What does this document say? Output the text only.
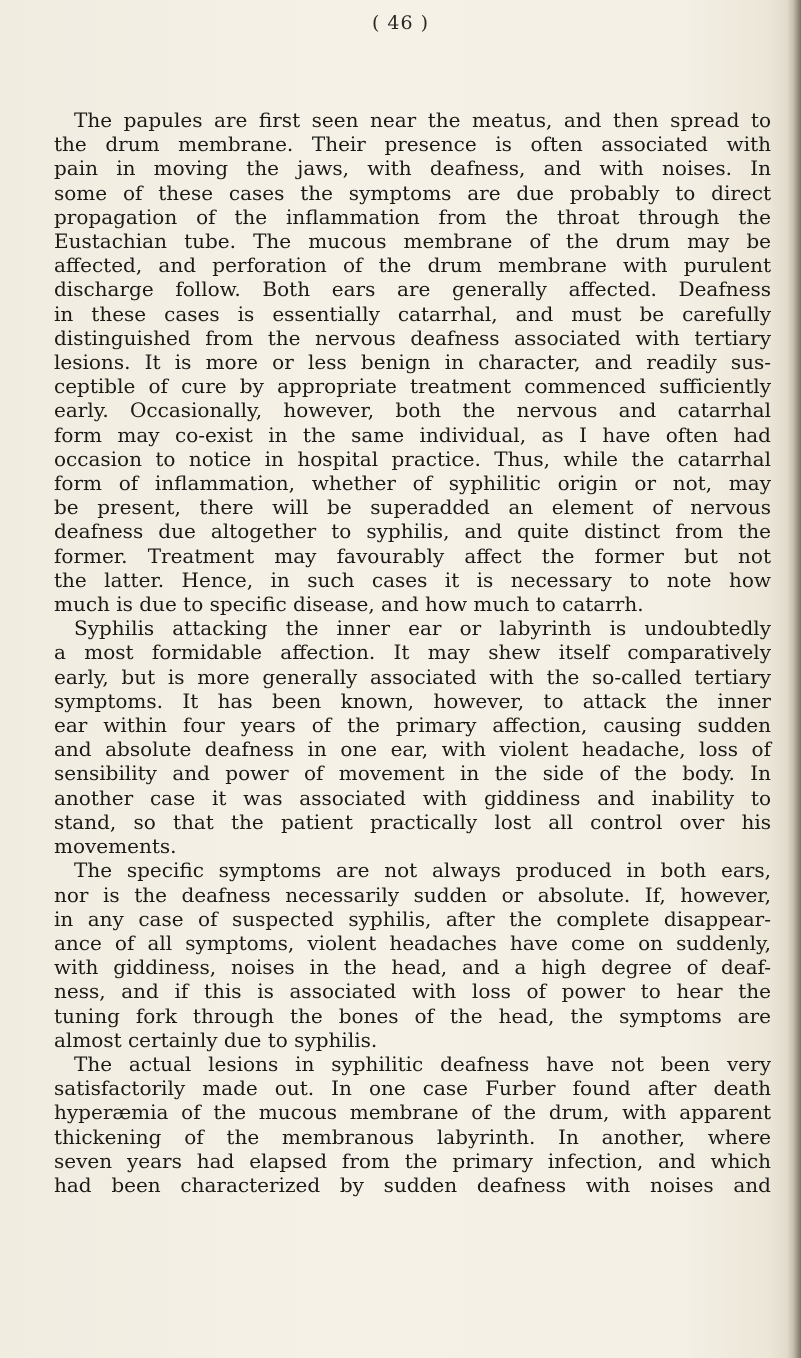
( 46 )
The papules are first seen near the meatus, and then spread to
the drum membrane. Their presence is often associated with
pain in moving the jaws, with deafness, and with noises. In
some of these cases the symptoms are due probably to direct
propagation of the inflammation from the throat through the
Eustachian tube. The mucous membrane of the drum may be
affected, and perforation of the drum membrane with purulent
discharge follow. Both ears are generally affected. Deafness
in these cases is essentially catarrhal, and must be carefully
distinguished from the nervous deafness associated with tertiary
lesions. It is more or less benign in character, and readily sus-
ceptible of cure by appropriate treatment commenced sufficiently
early. Occasionally, however, both the nervous and catarrhal
form may co-exist in the same individual, as I have often had
occasion to notice in hospital practice. Thus, while the catarrhal
form of inflammation, whether of syphilitic origin or not, may
be present, there will be superadded an element of nervous
deafness due altogether to syphilis, and quite distinct from the
former. Treatment may favourably affect the former but not
the latter. Hence, in such cases it is necessary to note how
much is due to specific disease, and how much to catarrh.
Syphilis attacking the inner ear or labyrinth is undoubtedly
a most formidable affection. It may shew itself comparatively
early, but is more generally associated with the so-called tertiary
symptoms. It has been known, however, to attack the inner
ear within four years of the primary affection, causing sudden
and absolute deafness in one ear, with violent headache, loss of
sensibility and power of movement in the side of the body. In
another case it was associated with giddiness and inability to
stand, so that the patient practically lost all control over his
movements.
The specific symptoms are not always produced in both ears,
nor is the deafness necessarily sudden or absolute. If, however,
in any case of suspected syphilis, after the complete disappear-
ance of all symptoms, violent headaches have come on suddenly,
with giddiness, noises in the head, and a high degree of deaf-
ness, and if this is associated with loss of power to hear the
tuning fork through the bones of the head, the symptoms are
almost certainly due to syphilis.
The actual lesions in syphilitic deafness have not been very
satisfactorily made out. In one case Furber found after death
hyperæmia of the mucous membrane of the drum, with apparent
thickening of the membranous labyrinth. In another, where
seven years had elapsed from the primary infection, and which
had been characterized by sudden deafness with noises and
